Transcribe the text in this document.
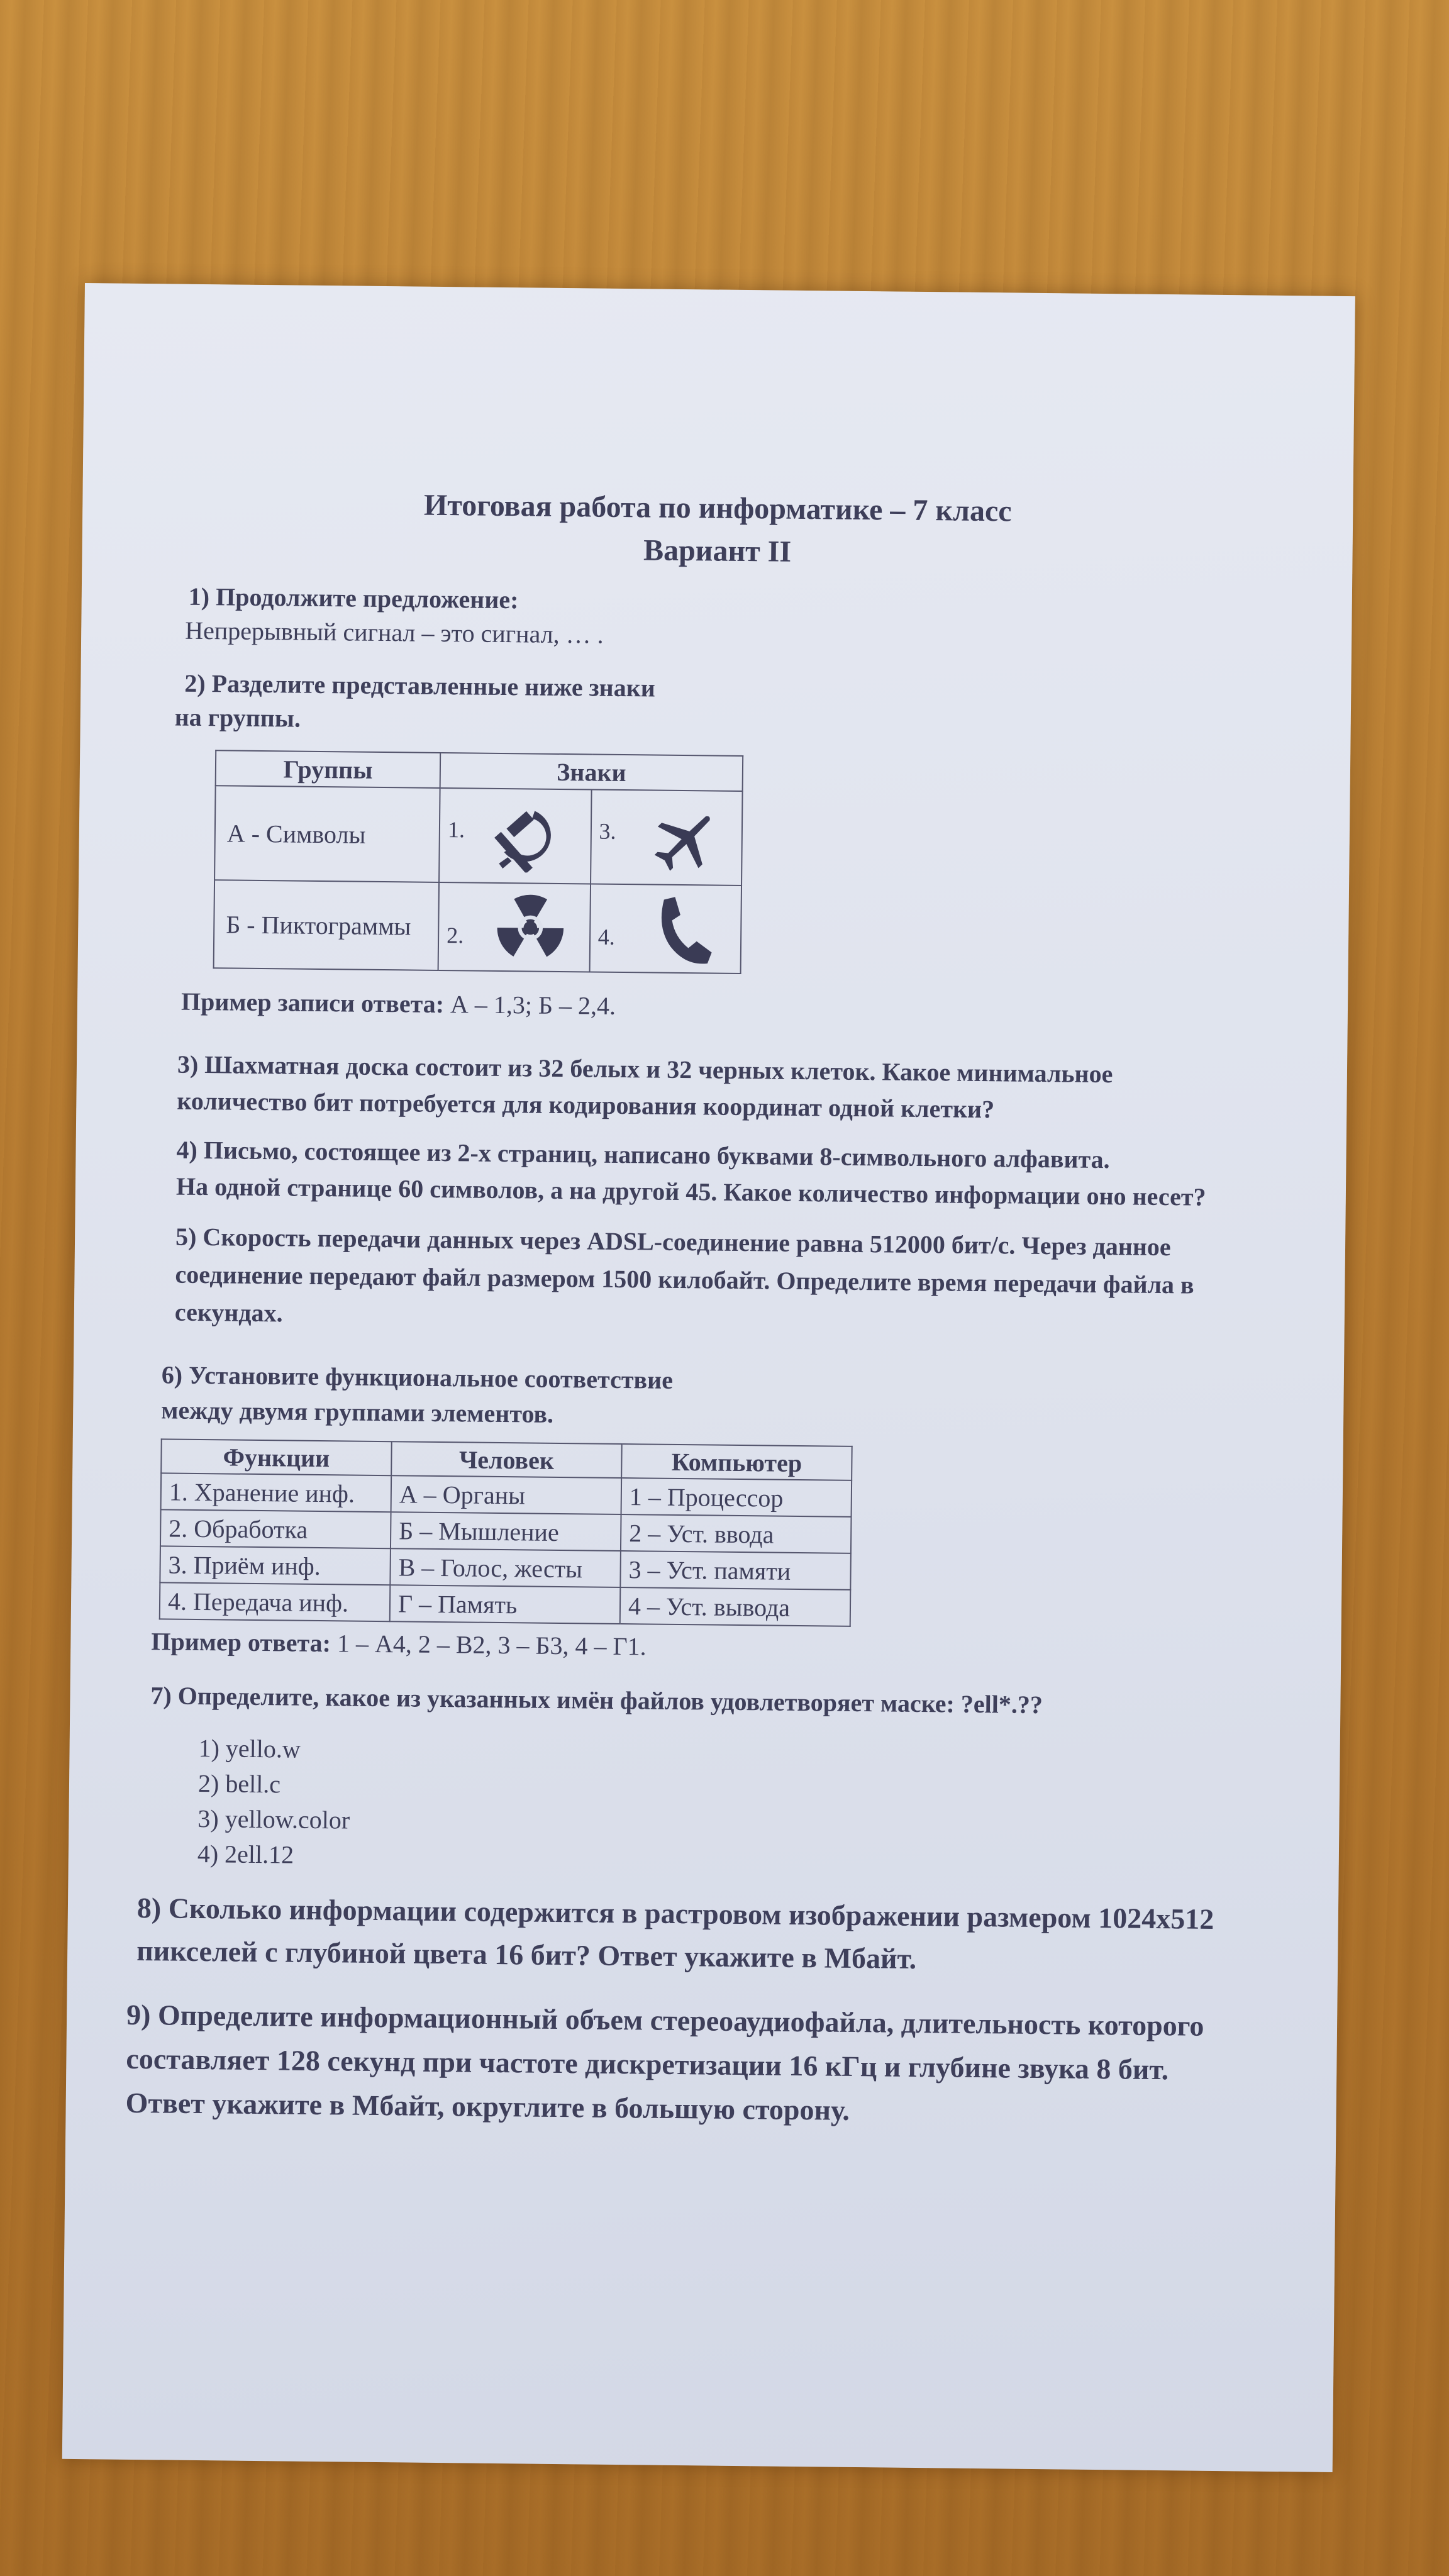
Итоговая работа по информатике – 7 класс
Вариант II
1) Продолжите предложение:
Непрерывный сигнал – это сигнал, … .
2) Разделите представленные ниже знаки
на группы.
Группы	Знаки	
А - Символы	1.	3.

Б - Пиктограммы	2.	4.
Пример записи ответа: А – 1,3; Б – 2,4.
3) Шахматная доска состоит из 32 белых и 32 черных клеток. Какое минимальное
количество бит потребуется для кодирования координат одной клетки?
4) Письмо, состоящее из 2-х страниц, написано буквами 8-символьного алфавита.
На одной странице 60 символов, а на другой 45. Какое количество информации оно несет?
5) Скорость передачи данных через ADSL-соединение равна 512000 бит/с. Через данное
соединение передают файл размером 1500 килобайт. Определите время передачи файла в
секундах.
6) Установите функциональное соответствие
между двумя группами элементов.
Функции	Человек	Компьютер
1. Хранение инф.	А – Органы	1 – Процессор
2. Обработка	Б – Мышление	2 – Уст. ввода
3. Приём инф.	В – Голос, жесты	3 – Уст. памяти
4. Передача инф.	Г – Память	4 – Уст. вывода
Пример ответа: 1 – А4, 2 – В2, 3 – Б3, 4 – Г1.
7) Определите, какое из указанных имён файлов удовлетворяет маске: ?ell*.??
1) yello.w
2) bell.c
3) yellow.color
4) 2ell.12
8) Сколько информации содержится в растровом изображении размером 1024x512
пикселей с глубиной цвета 16 бит? Ответ укажите в Мбайт.
9) Определите информационный объем стереоаудиофайла, длительность которого
составляет 128 секунд при частоте дискретизации 16 кГц и глубине звука 8 бит.
Ответ укажите в Мбайт, округлите в большую сторону.
